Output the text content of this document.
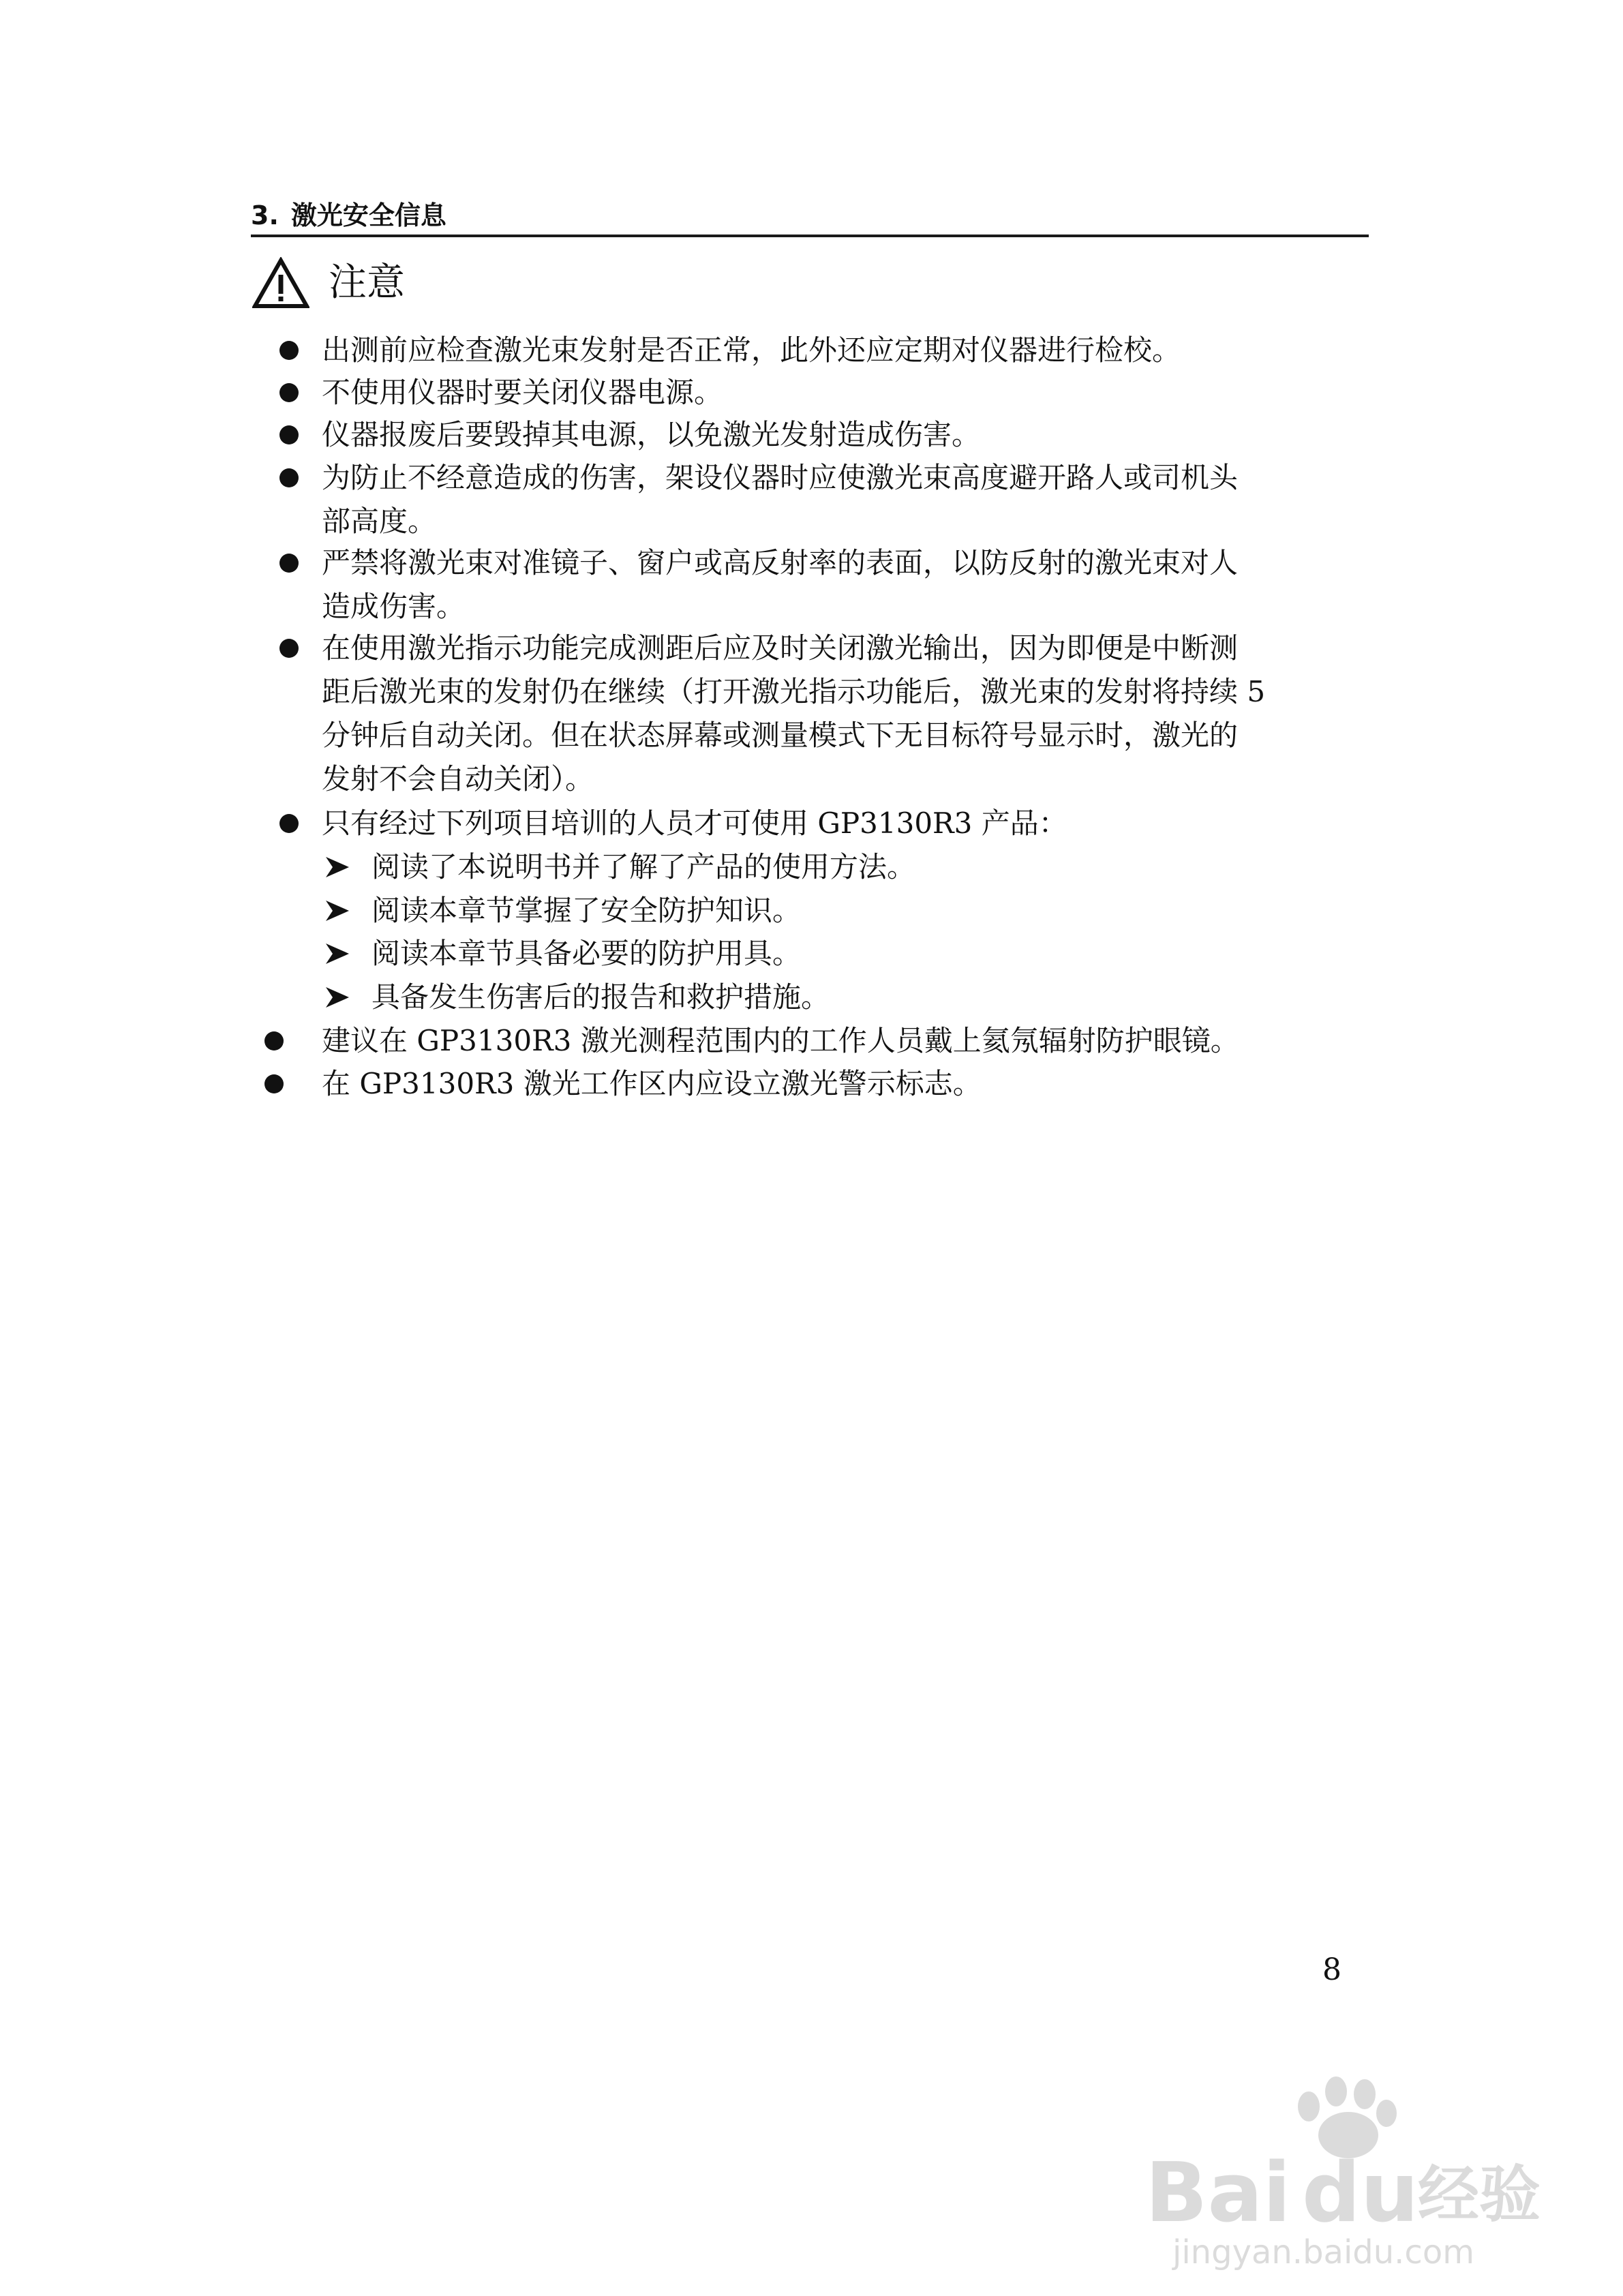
3. 激光安全信息
注意
出测前应检查激光束发射是否正常，此外还应定期对仪器进行检校。
不使用仪器时要关闭仪器电源。
仪器报废后要毁掉其电源，以免激光发射造成伤害。
为防止不经意造成的伤害，架设仪器时应使激光束高度避开路人或司机头
部高度。
严禁将激光束对准镜子、窗户或高反射率的表面，以防反射的激光束对人
造成伤害。
在使用激光指示功能完成测距后应及时关闭激光输出，因为即便是中断测
距后激光束的发射仍在继续（打开激光指示功能后，激光束的发射将持续 5
分钟后自动关闭。但在状态屏幕或测量模式下无目标符号显示时，激光的
发射不会自动关闭）。
只有经过下列项目培训的人员才可使用 GP3130R3 产品：
阅读了本说明书并了解了产品的使用方法。
阅读本章节掌握了安全防护知识。
阅读本章节具备必要的防护用具。
具备发生伤害后的报告和救护措施。
建议在 GP3130R3 激光测程范围内的工作人员戴上氦氖辐射防护眼镜。
在 GP3130R3 激光工作区内应设立激光警示标志。
8
Bai du
经验
jingyan.baidu.com
